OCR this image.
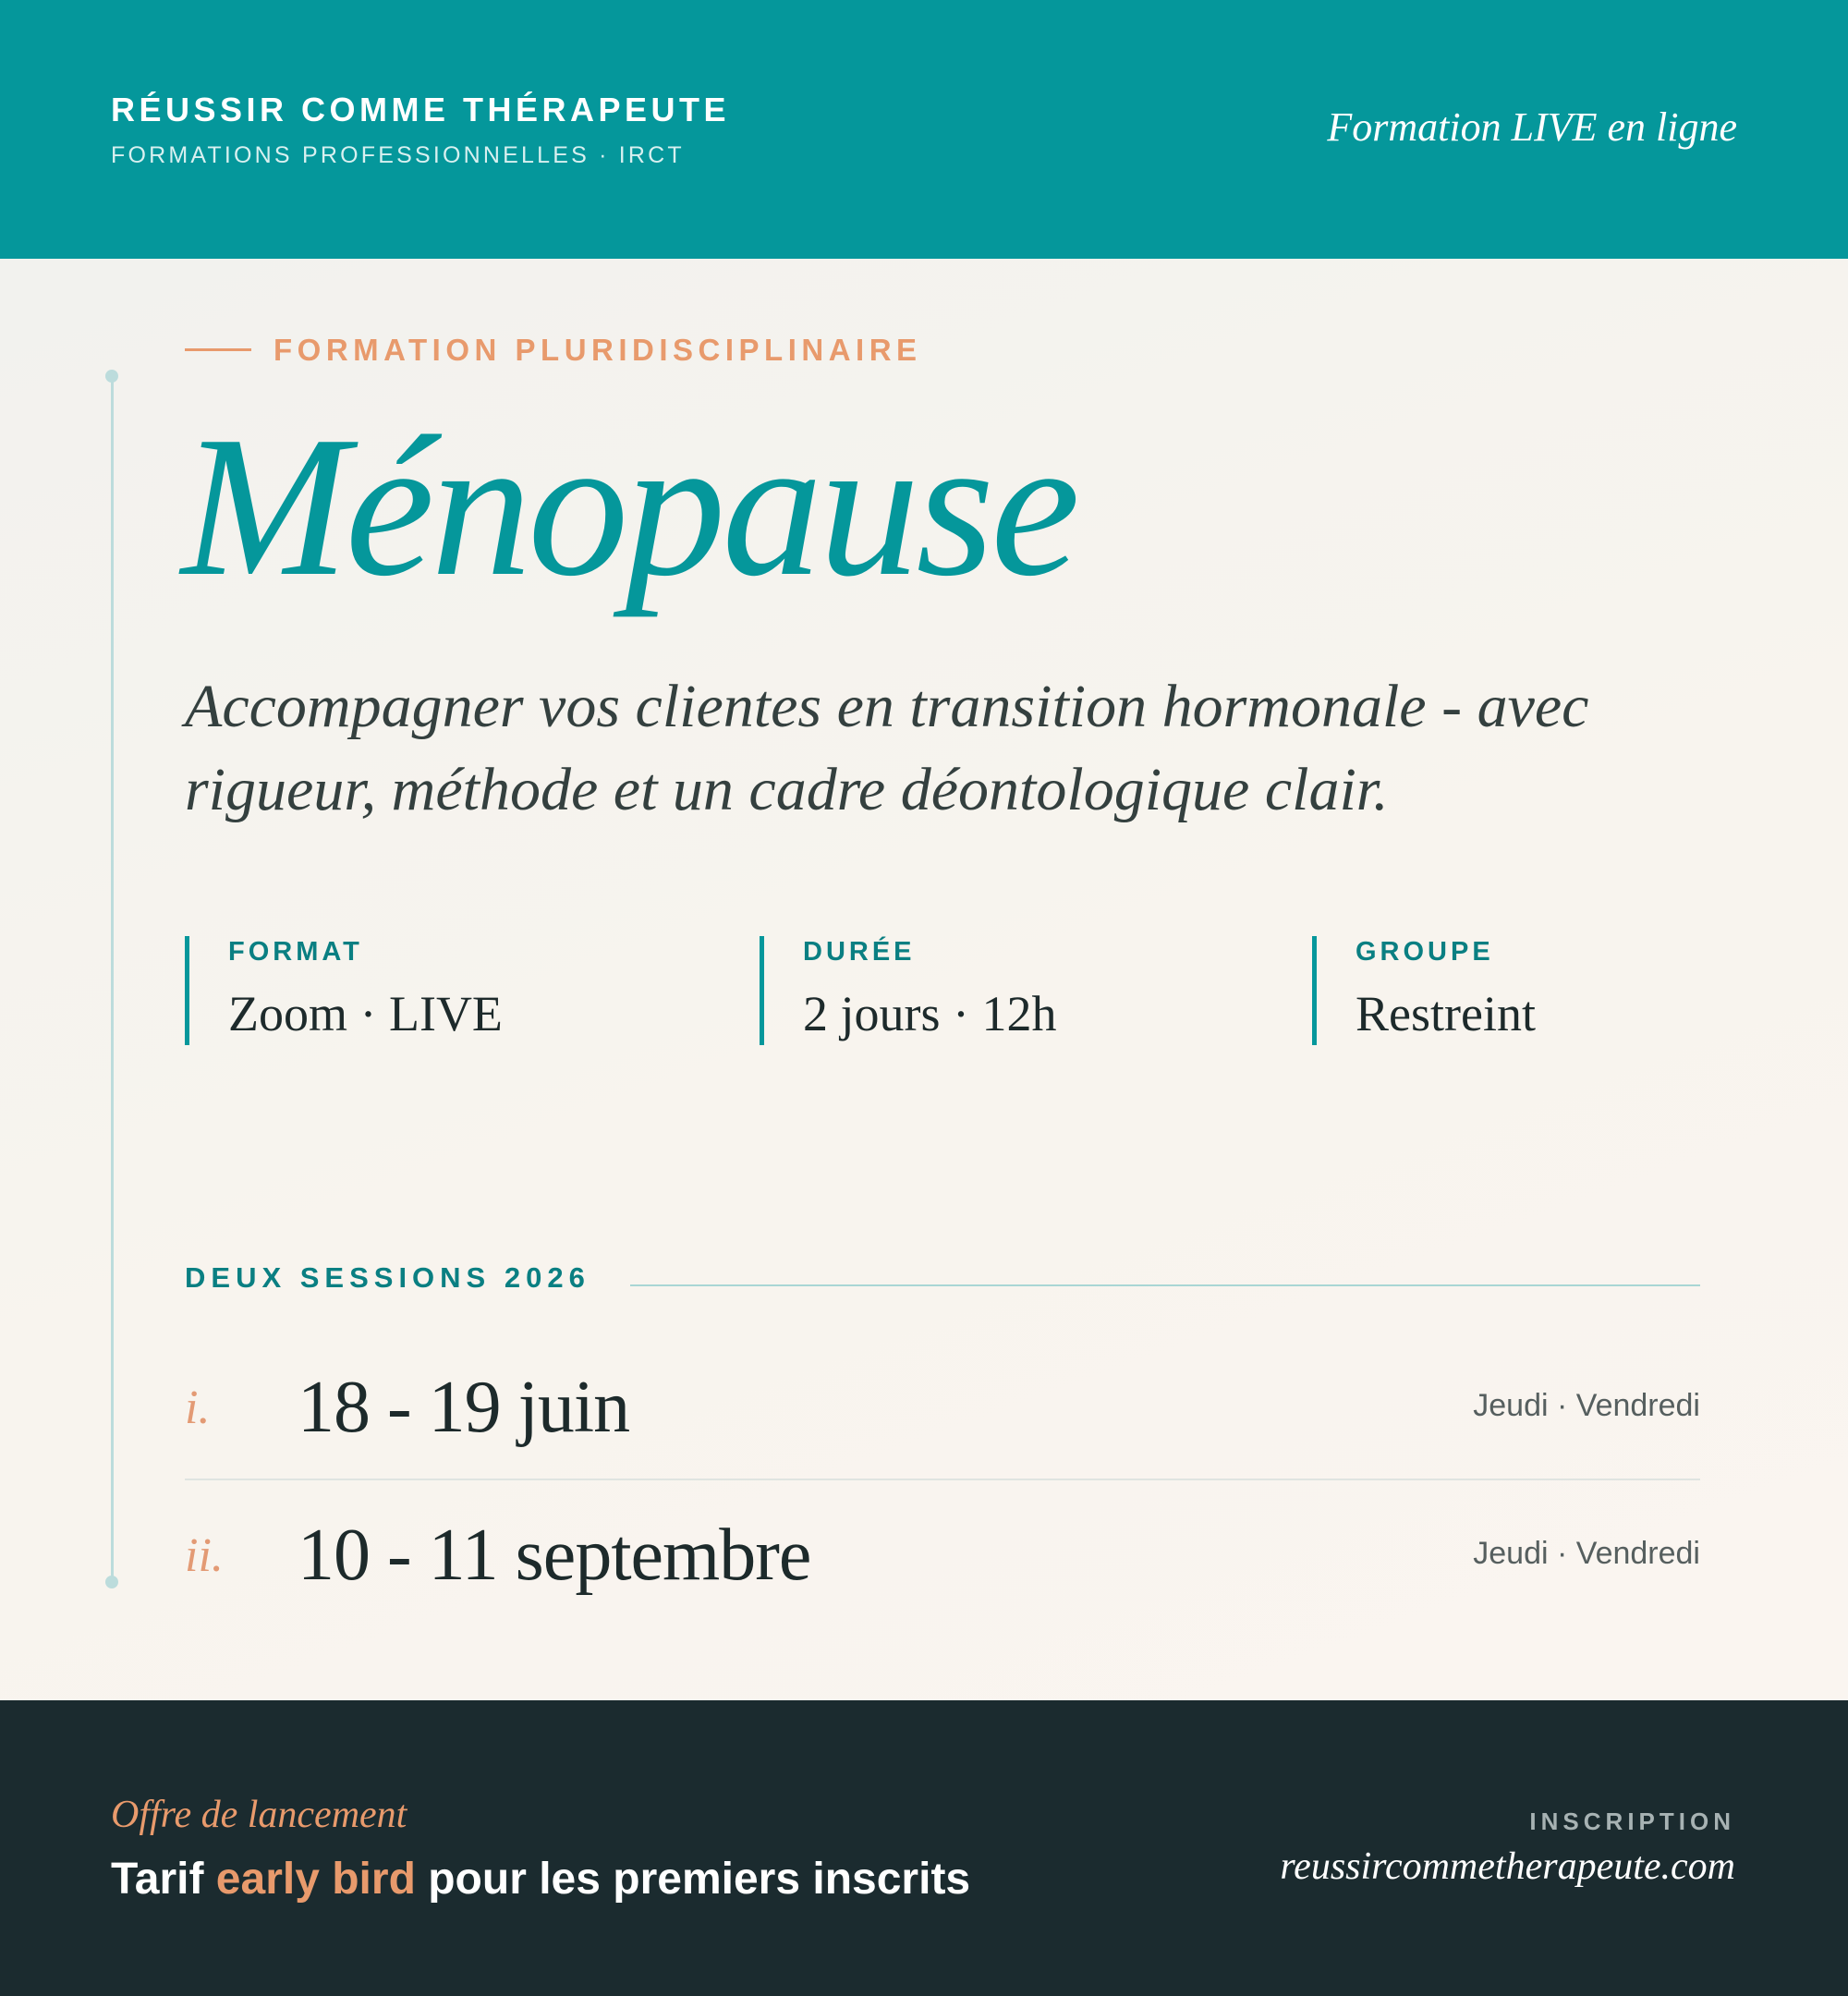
RÉUSSIR COMME THÉRAPEUTE
FORMATIONS PROFESSIONNELLES · IRCT
Formation LIVE en ligne
FORMATION PLURIDISCIPLINAIRE
Ménopause
Accompagner vos clientes en transition hormonale - avec rigueur, méthode et un cadre déontologique clair.
FORMAT
Zoom · LIVE
DURÉE
2 jours · 12h
GROUPE
Restreint
DEUX SESSIONS 2026
i. 18 - 19 juin	Jeudi · Vendredi
ii. 10 - 11 septembre	Jeudi · Vendredi
Offre de lancement
Tarif early bird pour les premiers inscrits
INSCRIPTION
reussircommetherapeute.com
